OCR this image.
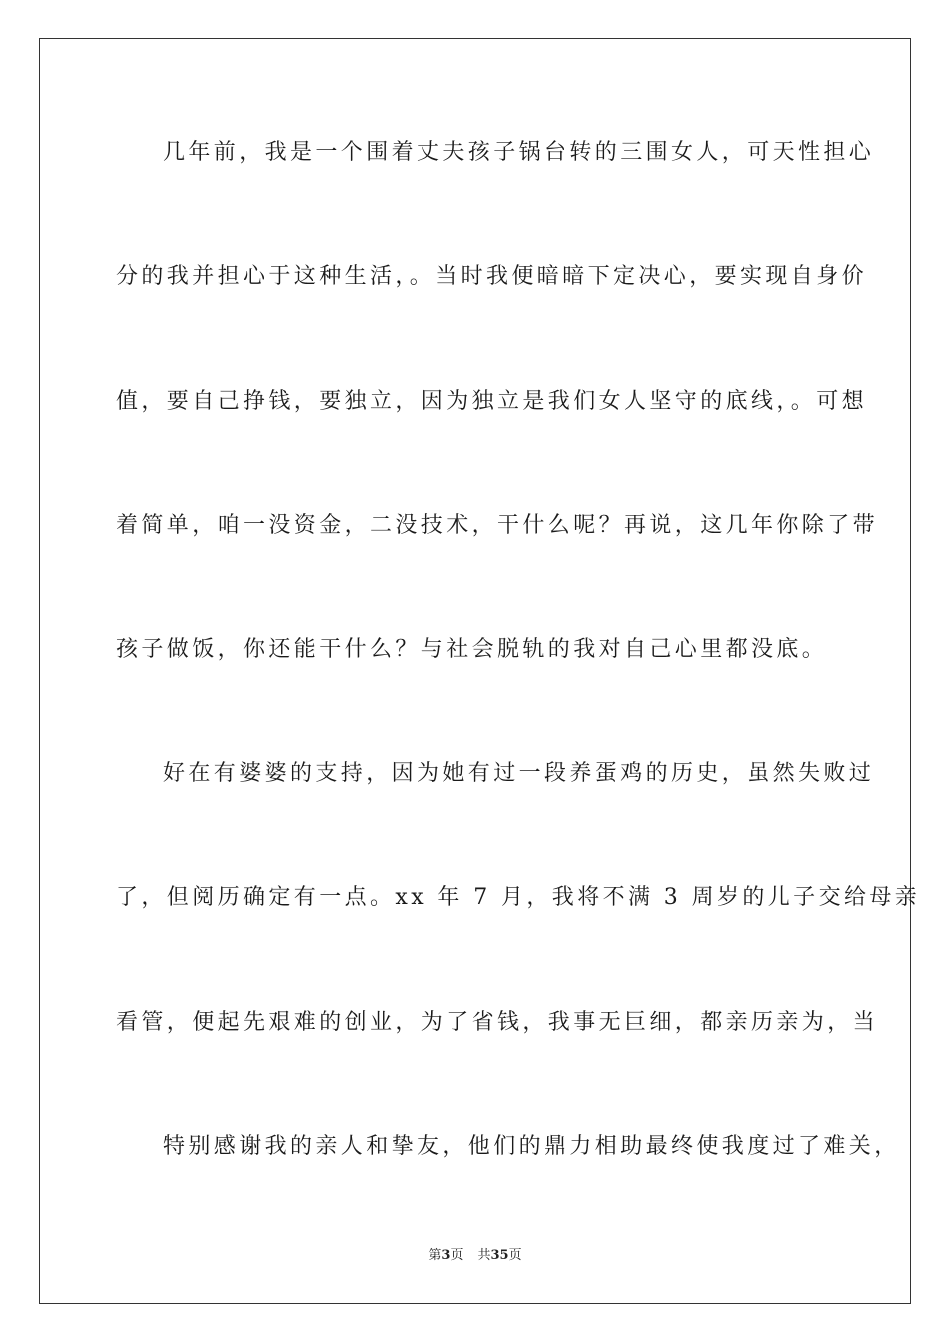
几年前，我是一个围着丈夫孩子锅台转的三围女人，可天性担心
分的我并担心于这种生活，。当时我便暗暗下定决心，要实现自身价
值，要自己挣钱，要独立，因为独立是我们女人坚守的底线，。可想
着简单，咱一没资金，二没技术，干什么呢？再说，这几年你除了带
孩子做饭，你还能干什么？与社会脱轨的我对自己心里都没底。
好在有婆婆的支持，因为她有过一段养蛋鸡的历史，虽然失败过
了，但阅历确定有一点。xx 年 7 月，我将不满 3 周岁的儿子交给母亲
看管，便起先艰难的创业，为了省钱，我事无巨细，都亲历亲为，当
特别感谢我的亲人和挚友，他们的鼎力相助最终使我度过了难关，
第3页 共35页
